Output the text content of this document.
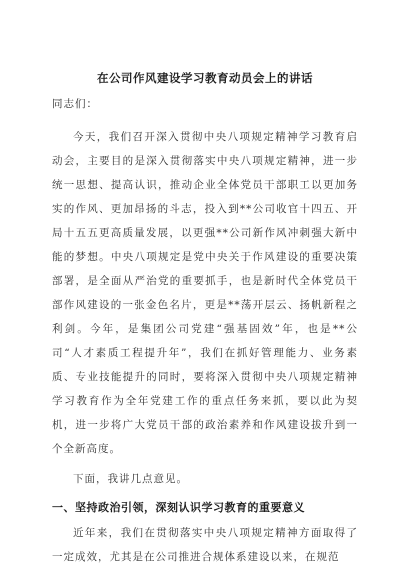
在公司作风建设学习教育动员会上的讲话

同志们：

今天，我们召开深入贯彻中央八项规定精神学习教育启动会，主要目的是深入贯彻落实中央八项规定精神，进一步统一思想、提高认识，推动企业全体党员干部职工以更加务实的作风、更加昂扬的斗志，投入到**公司收官十四五、开局十五五更高质量发展，以更强**公司新作风冲刺强大新中能的梦想。中央八项规定是党中央关于作风建设的重要决策部署，是全面从严治党的重要抓手，也是新时代全体党员干部作风建设的一张金色名片，更是**荡开层云、扬帆新程之利剑。今年，是集团公司党建“强基固效”年，也是**公司“人才素质工程提升年”，我们在抓好管理能力、业务素质、专业技能提升的同时，要将深入贯彻中央八项规定精神学习教育作为全年党建工作的重点任务来抓，要以此为契机，进一步将广大党员干部的政治素养和作风建设拔升到一个全新高度。

下面，我讲几点意见。

一、坚持政治引领，深刻认识学习教育的重要意义

近年来，我们在贯彻落实中央八项规定精神方面取得了一定成效，尤其是在公司推进合规体系建设以来，在规范
